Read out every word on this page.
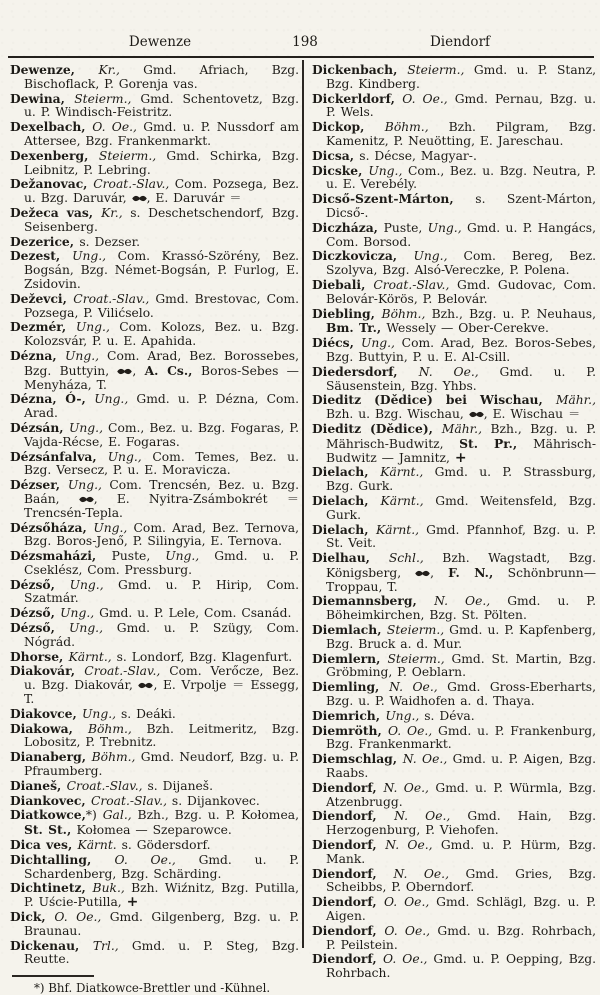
Dewenze	198	Diendorf

Dewenze, Kr., Gmd. Afriach, Bzg. Bischoflack, P. Gorenja vas.

Dewina, Steierm., Gmd. Schentovetz, Bzg. u. P. Windisch-Feistritz.

Dexelbach, O. Oe., Gmd. u. P. Nussdorf am Attersee, Bzg. Frankenmarkt.

Dexenberg, Steierm., Gmd. Schirka, Bzg. Leibnitz, P. Lebring.

Dežanovac, Croat.-Slav., Com. Pozsega, Bez. u. Bzg. Daruvár, , E. Daruvár ＝

Dežeca vas, Kr., s. Deschetschendorf, Bzg. Seisenberg.

Dezerice, s. Dezser.

Dezest, Ung., Com. Krassó-Szörény, Bez. Bogsán, Bzg. Német-Bogsán, P. Furlog, E. Zsidovin.

Deževci, Croat.-Slav., Gmd. Brestovac, Com. Pozsega, P. Vilićselo.

Dezmér, Ung., Com. Kolozs, Bez. u. Bzg. Kolozsvár, P. u. E. Apahida.

Dézna, Ung., Com. Arad, Bez. Borossebes, Bzg. Buttyin, , A. Cs., Boros-Sebes — Menyháza, T.

Dézna, Ó-, Ung., Gmd. u. P. Dézna, Com. Arad.

Dézsán, Ung., Com., Bez. u. Bzg. Fogaras, P. Vajda-Récse, E. Fogaras.

Dézsánfalva, Ung., Com. Temes, Bez. u. Bzg. Versecz, P. u. E. Moravicza.

Dézser, Ung., Com. Trencsén, Bez. u. Bzg. Baán, , E. Nyitra-Zsámbokrét ＝ Trencsén-Tepla.

Dézsőháza, Ung., Com. Arad, Bez. Ternova, Bzg. Boros-Jenő, P. Silingyia, E. Ternova.

Dézsmaházi, Puste, Ung., Gmd. u. P. Cseklész, Com. Pressburg.

Dézső, Ung., Gmd. u. P. Hirip, Com. Szatmár.

Dézső, Ung., Gmd. u. P. Lele, Com. Csanád.

Dézső, Ung., Gmd. u. P. Szügy, Com. Nógrád.

Dhorse, Kärnt., s. Londorf, Bzg. Klagenfurt.

Diakovár, Croat.-Slav., Com. Verőcze, Bez. u. Bzg. Diakovár, , E. Vrpolje ＝ Essegg, T.

Diakovce, Ung., s. Deáki.

Diakowa, Böhm., Bzh. Leitmeritz, Bzg. Lobositz, P. Trebnitz.

Dianaberg, Böhm., Gmd. Neudorf, Bzg. u. P. Pfraumberg.

Dianeš, Croat.-Slav., s. Dijaneš.

Diankovec, Croat.-Slav., s. Dijankovec.

Diatkowce,*) Gal., Bzh., Bzg. u. P. Kołomea, St. St., Kołomea — Szeparowce.

Dica ves, Kärnt. s. Gödersdorf.

Dichtalling, O. Oe., Gmd. u. P. Schardenberg, Bzg. Schärding.

Dichtinetz, Buk., Bzh. Wiźnitz, Bzg. Putilla, P. Uście-Putilla, +

Dick, O. Oe., Gmd. Gilgenberg, Bzg. u. P. Braunau.

Dickenau, Trl., Gmd. u. P. Steg, Bzg. Reutte.

*) Bhf. Diatkowce-Brettler und -Kühnel.

Dickenbach, Steierm., Gmd. u. P. Stanz, Bzg. Kindberg.

Dickerldorf, O. Oe., Gmd. Pernau, Bzg. u. P. Wels.

Dickop, Böhm., Bzh. Pilgram, Bzg. Kamenitz, P. Neuötting, E. Jareschau.

Dicsa, s. Décse, Magyar-.

Dicske, Ung., Com., Bez. u. Bzg. Neutra, P. u. E. Verebély.

Dicső-Szent-Márton, s. Szent-Márton, Dicső-.

Diczháza, Puste, Ung., Gmd. u. P. Hangács, Com. Borsod.

Diczkovicza, Ung., Com. Bereg, Bez. Szolyva, Bzg. Alsó-Vereczke, P. Polena.

Diebali, Croat.-Slav., Gmd. Gudovac, Com. Belovár-Körös, P. Belovár.

Diebling, Böhm., Bzh., Bzg. u. P. Neuhaus, Bm. Tr., Wessely — Ober-Cerekve.

Diécs, Ung., Com. Arad, Bez. Boros-Sebes, Bzg. Buttyin, P. u. E. Al-Csill.

Diedersdorf, N. Oe., Gmd. u. P. Säusenstein, Bzg. Yhbs.

Dieditz (Dědice) bei Wischau, Mähr., Bzh. u. Bzg. Wischau, , E. Wischau ＝

Dieditz (Dědice), Mähr., Bzh., Bzg. u. P. Mährisch-Budwitz, St. Pr., Mährisch-Budwitz — Jamnitz, +

Dielach, Kärnt., Gmd. u. P. Strassburg, Bzg. Gurk.

Dielach, Kärnt., Gmd. Weitensfeld, Bzg. Gurk.

Dielach, Kärnt., Gmd. Pfannhof, Bzg. u. P. St. Veit.

Dielhau, Schl., Bzh. Wagstadt, Bzg. Königsberg, , F. N., Schönbrunn—Troppau, T.

Diemannsberg, N. Oe., Gmd. u. P. Böheimkirchen, Bzg. St. Pölten.

Diemlach, Steierm., Gmd. u. P. Kapfenberg, Bzg. Bruck a. d. Mur.

Diemlern, Steierm., Gmd. St. Martin, Bzg. Gröbming, P. Oeblarn.

Diemling, N. Oe., Gmd. Gross-Eberharts, Bzg. u. P. Waidhofen a. d. Thaya.

Diemrich, Ung., s. Déva.

Diemröth, O. Oe., Gmd. u. P. Frankenburg, Bzg. Frankenmarkt.

Diemschlag, N. Oe., Gmd. u. P. Aigen, Bzg. Raabs.

Diendorf, N. Oe., Gmd. u. P. Würmla, Bzg. Atzenbrugg.

Diendorf, N. Oe., Gmd. Hain, Bzg. Herzogenburg, P. Viehofen.

Diendorf, N. Oe., Gmd. u. P. Hürm, Bzg. Mank.

Diendorf, N. Oe., Gmd. Gries, Bzg. Scheibbs, P. Oberndorf.

Diendorf, O. Oe., Gmd. Schlägl, Bzg. u. P. Aigen.

Diendorf, O. Oe., Gmd. u. Bzg. Rohrbach, P. Peilstein.

Diendorf, O. Oe., Gmd. u. P. Oepping, Bzg. Rohrbach.
